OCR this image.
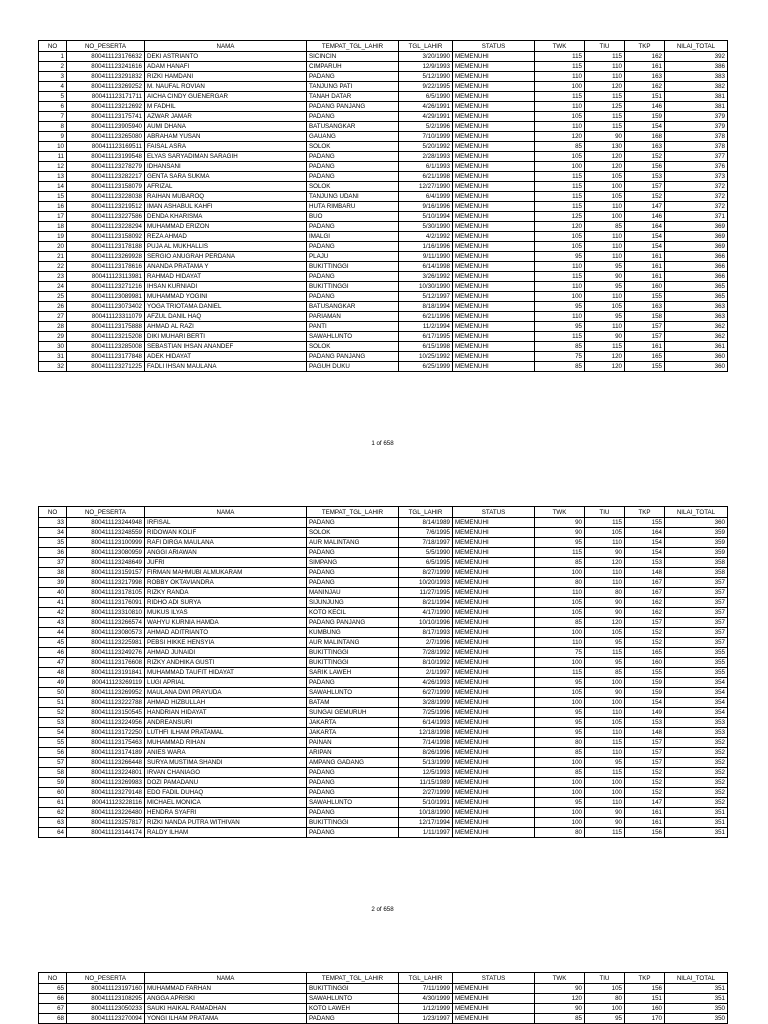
NO	NO_PESERTA	NAMA	TEMPAT_TGL_LAHIR	TGL_LAHIR	STATUS	TWK	TIU	TKP	NILAI_TOTAL
1	800411123176632	DEKI ASTRIANTO	SICINCIN	3/20/1990	MEMENUHI	115	115	162	392
2	800411123241616	ADAM HANAFI	CIMPARUH	12/9/1993	MEMENUHI	115	110	161	386
3	800411123291832	RIZKI HAMDANI	PADANG	5/12/1990	MEMENUHI	110	110	163	383
4	800411123269252	M. NAUFAL ROVIAN	TANJUNG PATI	9/22/1995	MEMENUHI	100	120	162	382
5	800411123171711	AICHA CINDY GUENERGAR	TANAH DATAR	6/5/1990	MEMENUHI	115	115	151	381
6	800411123212692	M FADHIL	PADANG PANJANG	4/26/1991	MEMENUHI	110	125	146	381
7	800411123175741	AZWAR JAMAR	PADANG	4/29/1991	MEMENUHI	105	115	159	379
8	800411123905940	AUMI DHANA	BATUSANGKAR	5/2/1996	MEMENUHI	110	115	154	379
9	800411123265080	ABRAHAM YUSAN	GAUANG	7/10/1999	MEMENUHI	120	90	168	378
10	800411123169511	FAISAL ASRA	SOLOK	5/20/1992	MEMENUHI	85	130	163	378
11	800411123199548	ELYAS SARYADIMAN SARAGIH	PADANG	2/28/1993	MEMENUHI	105	120	152	377
12	800411123278279	IDHANSANI	PADANG	6/1/1993	MEMENUHI	100	120	156	376
13	800411123282217	GENTA SARA SUKMA	PADANG	6/21/1998	MEMENUHI	115	105	153	373
14	800411123158079	AFRIZAL	SOLOK	12/27/1990	MEMENUHI	115	100	157	372
15	800411123228038	RAIHAN MUBAROQ	TANJUNG UDANI	6/4/1999	MEMENUHI	115	105	152	372
16	800411123219512	IMAN ASHABUL KAHFI	HUTA RIMBARU	9/16/1996	MEMENUHI	115	110	147	372
17	800411123227586	DENDA KHARISMA	BUO	5/10/1994	MEMENUHI	125	100	146	371
18	800411123228294	MUHAMMAD ERIZON	PADANG	5/30/1990	MEMENUHI	120	85	164	369
19	800411123158092	REZA AHMAD	IMALGI	4/2/1992	MEMENUHI	105	110	154	369
20	800411123178188	PUJA AL MUKHALLIS	PADANG	1/16/1996	MEMENUHI	105	110	154	369
21	800411123269928	SERGIO ANUGRAH PERDANA	PLAJU	9/11/1990	MEMENUHI	95	110	161	366
22	800411123178616	ANANDA PRATAMA Y	BUKITTINGGI	6/14/1998	MEMENUHI	110	95	161	366
23	800411123113981	RAHMAD HIDAYAT	PADANG	3/26/1992	MEMENUHI	115	90	161	366
24	800411123271216	IHSAN KURNIADI	BUKITTINGGI	10/30/1990	MEMENUHI	110	95	160	365
25	800411123089981	MUHAMMAD YOGINI	PADANG	5/12/1997	MEMENUHI	100	110	155	365
26	800411123073402	YOGA TRIOTAMA DANIEL	BATUSANGKAR	8/18/1994	MEMENUHI	95	105	163	363
27	800411123311079	AFZUL DANIL HAQ	PARIAMAN	6/21/1996	MEMENUHI	110	95	158	363
28	800411123175888	AHMAD AL RAZI	PANTI	11/2/1994	MEMENUHI	95	110	157	362
29	800411123215208	DIKI MUHARI BERTI	SAWAHLUNTO	6/17/1995	MEMENUHI	115	90	157	362
30	800411123285008	SEBASTIAN IHSAN ANANDEF	SOLOK	6/15/1998	MEMENUHI	85	115	161	361
31	800411123177848	ADEK HIDAYAT	PADANG PANJANG	10/25/1992	MEMENUHI	75	120	165	360
32	800411123271225	FADLI IHSAN MAULANA	PAGUH DUKU	6/25/1999	MEMENUHI	85	120	155	360
1 of 658
NO	NO_PESERTA	NAMA	TEMPAT_TGL_LAHIR	TGL_LAHIR	STATUS	TWK	TIU	TKP	NILAI_TOTAL
33	800411123244948	IRFISAL	PADANG	8/14/1989	MEMENUHI	90	115	155	360
34	800411123248559	RIDOWAN KOLIF	SOLOK	7/6/1995	MEMENUHI	90	105	164	359
35	800411123100999	RAFI DIRGA MAULANA	AUR MALINTANG	7/18/1997	MEMENUHI	95	110	154	359
36	800411123080959	ANGGI ARIAWAN	PADANG	5/5/1990	MEMENUHI	115	90	154	359
37	800411123248649	JUFRI	SIMPANG	6/5/1995	MEMENUHI	85	120	153	358
38	800411123159157	FIRMAN MAHMUBI ALMUKARAM	PADANG	8/27/1999	MEMENUHI	100	110	148	358
39	800411123217998	ROBBY OKTAVIANDRA	PADANG	10/20/1993	MEMENUHI	80	110	167	357
40	800411123178105	RIZKY RANDA	MANINJAU	11/27/1995	MEMENUHI	110	80	167	357
41	800411123176091	RIDHO ADI SURYA	SIJUNJUNG	8/21/1994	MEMENUHI	105	90	162	357
42	800411123310810	MUKUS ILYAS	KOTO KECIL	4/17/1990	MEMENUHI	105	90	162	357
43	800411123266574	WAHYU KURNIA HAMDA	PADANG PANJANG	10/10/1996	MEMENUHI	85	120	157	357
44	800411123080573	AHMAD ADITRIANTO	KUMBUNG	8/17/1993	MEMENUHI	100	105	152	357
45	800411123225981	PEBSI HIKKE HENSYIA	AUR MALINTANG	2/7/1996	MEMENUHI	110	95	152	357
46	800411123249276	AHMAD JUNAIDI	BUKITTINGGI	7/28/1992	MEMENUHI	75	115	165	355
47	800411123176608	RIZKY ANDHIKA GUSTI	BUKITTINGGI	8/10/1992	MEMENUHI	100	95	160	355
48	800411123191841	MUHAMMAD TAUFIT HIDAYAT	SARIK LAWEH	2/1/1997	MEMENUHI	115	85	155	355
49	800411123269119	LUGI APRIAL	PADANG	4/26/1993	MEMENUHI	95	100	159	354
50	800411123269952	MAULANA DWI PRAYUDA	SAWAHLUNTO	6/27/1999	MEMENUHI	105	90	159	354
51	800411123222788	AHMAD HIZBULLAH	BATAM	3/28/1999	MEMENUHI	100	100	154	354
52	800411123150545	HANDRIAN HIDAYAT	SUNGAI GEMURUH	7/25/1996	MEMENUHI	95	110	149	354
53	800411123224956	ANDREANSURI	JAKARTA	6/14/1993	MEMENUHI	95	105	153	353
54	800411123172250	LUTHFI ILHAM PRATAMAL	JAKARTA	12/18/1998	MEMENUHI	95	110	148	353
55	800411123175463	MUHAMMAD RIHAN	PAINAN	7/14/1998	MEMENUHI	80	115	157	352
56	800411123174189	ANIES WARA	ARIPAN	8/26/1996	MEMENUHI	85	110	157	352
57	800411123266448	SURYA MUSTIMA SHANDI	AMPANG GADANG	5/13/1999	MEMENUHI	100	95	157	352
58	800411123224801	IRVAN CHANIAGO	PADANG	12/5/1993	MEMENUHI	85	115	152	352
59	800411123269983	DOZI PAMADANU	PADANG	11/15/1989	MEMENUHI	100	100	152	352
60	800411123279148	EDO FADIL DUHAQ	PADANG	2/27/1999	MEMENUHI	100	100	152	352
61	800411123228116	MICHAEL MONICA	SAWAHLUNTO	5/10/1991	MEMENUHI	95	110	147	352
62	800411123226480	HENDRA SYAFRI	PADANG	10/18/1990	MEMENUHI	100	90	161	351
63	800411123257817	RIZKI NANDA PUTRA WITHIVAN	BUKITTINGGI	12/17/1994	MEMENUHI	100	90	161	351
64	800411123144174	RALDY ILHAM	PADANG	1/11/1997	MEMENUHI	80	115	156	351
2 of 658
NO	NO_PESERTA	NAMA	TEMPAT_TGL_LAHIR	TGL_LAHIR	STATUS	TWK	TIU	TKP	NILAI_TOTAL
65	800411123197160	MUHAMMAD FARHAN	BUKITTINGGI	7/11/1999	MEMENUHI	90	105	156	351
66	800411123108295	ANGGA APRISKI	SAWAHLUNTO	4/30/1999	MEMENUHI	120	80	151	351
67	800411123050233	SAUKI HAIKAL RAMADHAN	KOTO LAWEH	1/12/1999	MEMENUHI	90	100	160	350
68	800411123270094	YONGI ILHAM PRATAMA	PADANG	1/23/1997	MEMENUHI	85	95	170	350
